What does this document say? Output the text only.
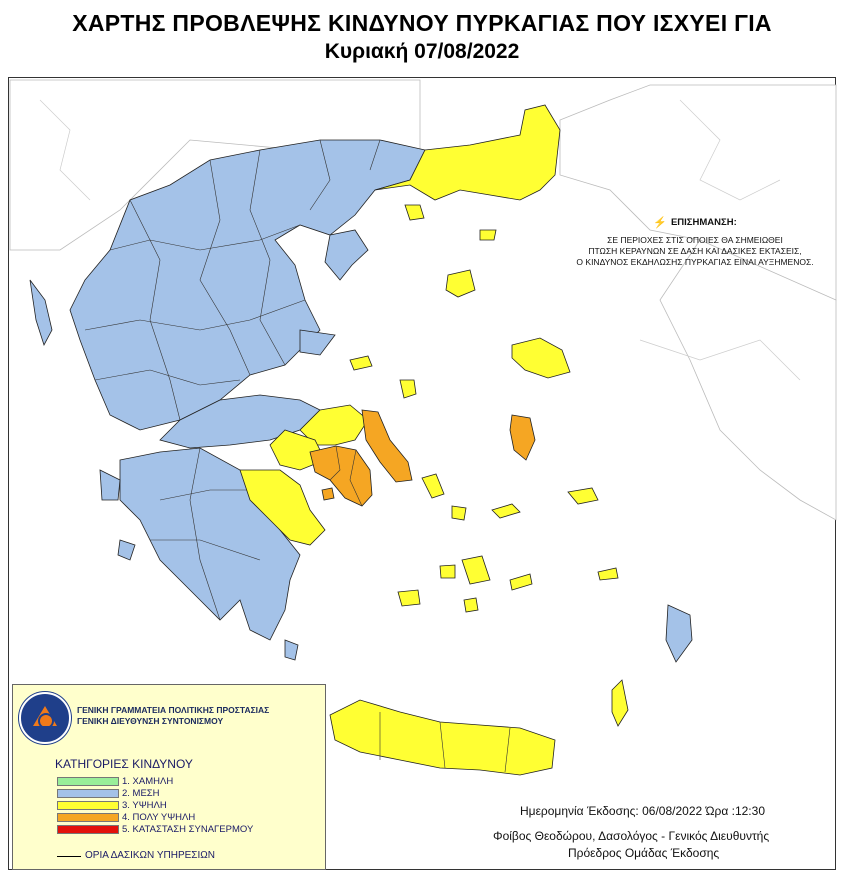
ΧΑΡΤΗΣ ΠΡΟΒΛΕΨΗΣ ΚΙΝΔΥΝΟΥ ΠΥΡΚΑΓΙΑΣ ΠΟΥ ΙΣΧΥΕΙ ΓΙΑ
Κυριακή 07/08/2022
⚡ ΕΠΙΣΗΜΑΝΣΗ:
ΣΕ ΠΕΡΙΟΧΕΣ ΣΤΙΣ ΟΠΟΙΕΣ ΘΑ ΣΗΜΕΙΩΘΕΙ
ΠΤΩΣΗ ΚΕΡΑΥΝΩΝ ΣΕ ΔΑΣΗ ΚΑΙ ΔΑΣΙΚΕΣ ΕΚΤΑΣΕΙΣ,
Ο ΚΙΝΔΥΝΟΣ ΕΚΔΗΛΩΣΗΣ ΠΥΡΚΑΓΙΑΣ ΕΙΝΑΙ ΑΥΞΗΜΕΝΟΣ.
ΓΕΝΙΚΗ ΓΡΑΜΜΑΤΕΙΑ ΠΟΛΙΤΙΚΗΣ ΠΡΟΣΤΑΣΙΑΣ
ΓΕΝΙΚΗ ΔΙΕΥΘΥΝΣΗ ΣΥΝΤΟΝΙΣΜΟΥ
ΚΑΤΗΓΟΡΙΕΣ ΚΙΝΔΥΝΟΥ
1. ΧΑΜΗΛΗ
2. ΜΕΣΗ
3. ΥΨΗΛΗ
4. ΠΟΛΥ ΥΨΗΛΗ
5. ΚΑΤΑΣΤΑΣΗ ΣΥΝΑΓΕΡΜΟΥ
ΟΡΙΑ ΔΑΣΙΚΩΝ ΥΠΗΡΕΣΙΩΝ
Ημερομηνία Έκδοσης: 06/08/2022 Ώρα :12:30
Φοίβος Θεοδώρου, Δασολόγος - Γενικός Διευθυντής
Πρόεδρος Ομάδας Έκδοσης
